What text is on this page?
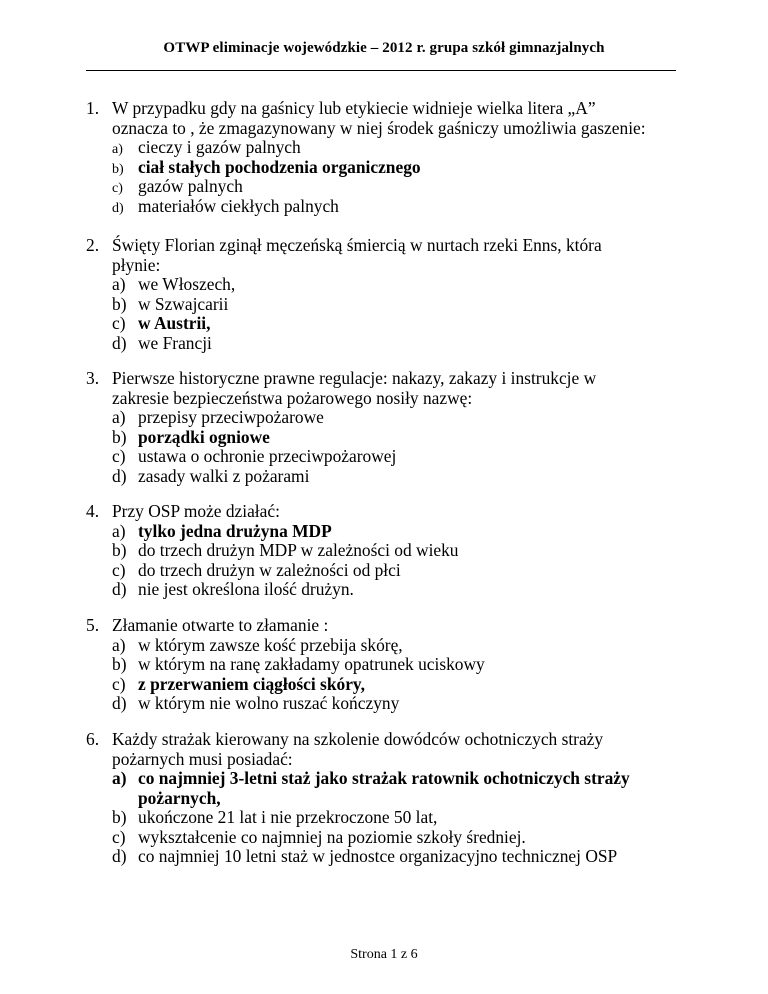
OTWP eliminacje wojewódzkie – 2012 r. grupa szkół gimnazjalnych
1. W przypadku gdy na gaśnicy lub etykiecie widnieje wielka litera „A”
oznacza to , że zmagazynowany w niej środek gaśniczy umożliwia gaszenie:
a) cieczy i gazów palnych
b) ciał stałych pochodzenia organicznego
c) gazów palnych
d) materiałów ciekłych palnych
2. Święty Florian zginął męczeńską śmiercią w nurtach rzeki Enns, która
płynie:
a) we Włoszech,
b) w Szwajcarii
c) w Austrii,
d) we Francji
3. Pierwsze historyczne prawne regulacje: nakazy, zakazy i instrukcje w
zakresie bezpieczeństwa pożarowego nosiły nazwę:
a) przepisy przeciwpożarowe
b) porządki ogniowe
c) ustawa o ochronie przeciwpożarowej
d) zasady walki z pożarami
4. Przy OSP może działać:
a) tylko jedna drużyna MDP
b) do trzech drużyn MDP w zależności od wieku
c) do trzech drużyn w zależności od płci
d) nie jest określona ilość drużyn.
5. Złamanie otwarte to złamanie :
a) w którym zawsze kość przebija skórę,
b) w którym na ranę zakładamy opatrunek uciskowy
c) z przerwaniem ciągłości skóry,
d) w którym nie wolno ruszać kończyny
6. Każdy strażak kierowany na szkolenie dowódców ochotniczych straży
pożarnych musi posiadać:
a) co najmniej 3-letni staż jako strażak ratownik ochotniczych straży
pożarnych,
b) ukończone 21 lat i nie przekroczone 50 lat,
c) wykształcenie co najmniej na poziomie szkoły średniej.
d) co najmniej 10 letni staż w jednostce organizacyjno technicznej OSP
Strona 1 z 6
